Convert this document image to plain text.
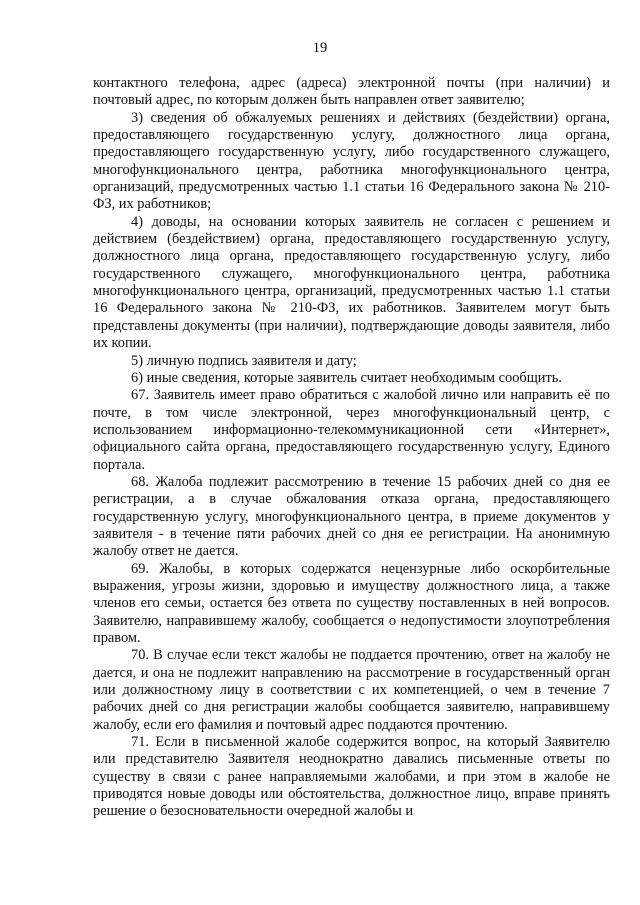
19

контактного телефона, адрес (адреса) электронной почты (при наличии) и почтовый адрес, по которым должен быть направлен ответ заявителю;

3) сведения об обжалуемых решениях и действиях (бездействии) органа, предоставляющего государственную услугу, должностного лица органа, предоставляющего государственную услугу, либо государственного служащего, многофункционального центра, работника многофункционального центра, организаций, предусмотренных частью 1.1 статьи 16 Федерального закона № 210-ФЗ, их работников;

4) доводы, на основании которых заявитель не согласен с решением и действием (бездействием) органа, предоставляющего государственную услугу, должностного лица органа, предоставляющего государственную услугу, либо государственного служащего, многофункционального центра, работника многофункционального центра, организаций, предусмотренных частью 1.1 статьи 16 Федерального закона № 210-ФЗ, их работников. Заявителем могут быть представлены документы (при наличии), подтверждающие доводы заявителя, либо их копии.

5) личную подпись заявителя и дату;

6) иные сведения, которые заявитель считает необходимым сообщить.

67. Заявитель имеет право обратиться с жалобой лично или направить её по почте, в том числе электронной, через многофункциональный центр, с использованием информационно-телекоммуникационной сети «Интернет», официального сайта органа, предоставляющего государственную услугу, Единого портала.

68. Жалоба подлежит рассмотрению в течение 15 рабочих дней со дня ее регистрации, а в случае обжалования отказа органа, предоставляющего государственную услугу, многофункционального центра, в приеме документов у заявителя - в течение пяти рабочих дней со дня ее регистрации. На анонимную жалобу ответ не дается.

69. Жалобы, в которых содержатся нецензурные либо оскорбительные выражения, угрозы жизни, здоровью и имуществу должностного лица, а также членов его семьи, остается без ответа по существу поставленных в ней вопросов. Заявителю, направившему жалобу, сообщается о недопустимости злоупотребления правом.

70. В случае если текст жалобы не поддается прочтению, ответ на жалобу не дается, и она не подлежит направлению на рассмотрение в государственный орган или должностному лицу в соответствии с их компетенцией, о чем в течение 7 рабочих дней со дня регистрации жалобы сообщается заявителю, направившему жалобу, если его фамилия и почтовый адрес поддаются прочтению.

71. Если в письменной жалобе содержится вопрос, на который Заявителю или представителю Заявителя неоднократно давались письменные ответы по существу в связи с ранее направляемыми жалобами, и при этом в жалобе не приводятся новые доводы или обстоятельства, должностное лицо, вправе принять решение о безосновательности очередной жалобы и
